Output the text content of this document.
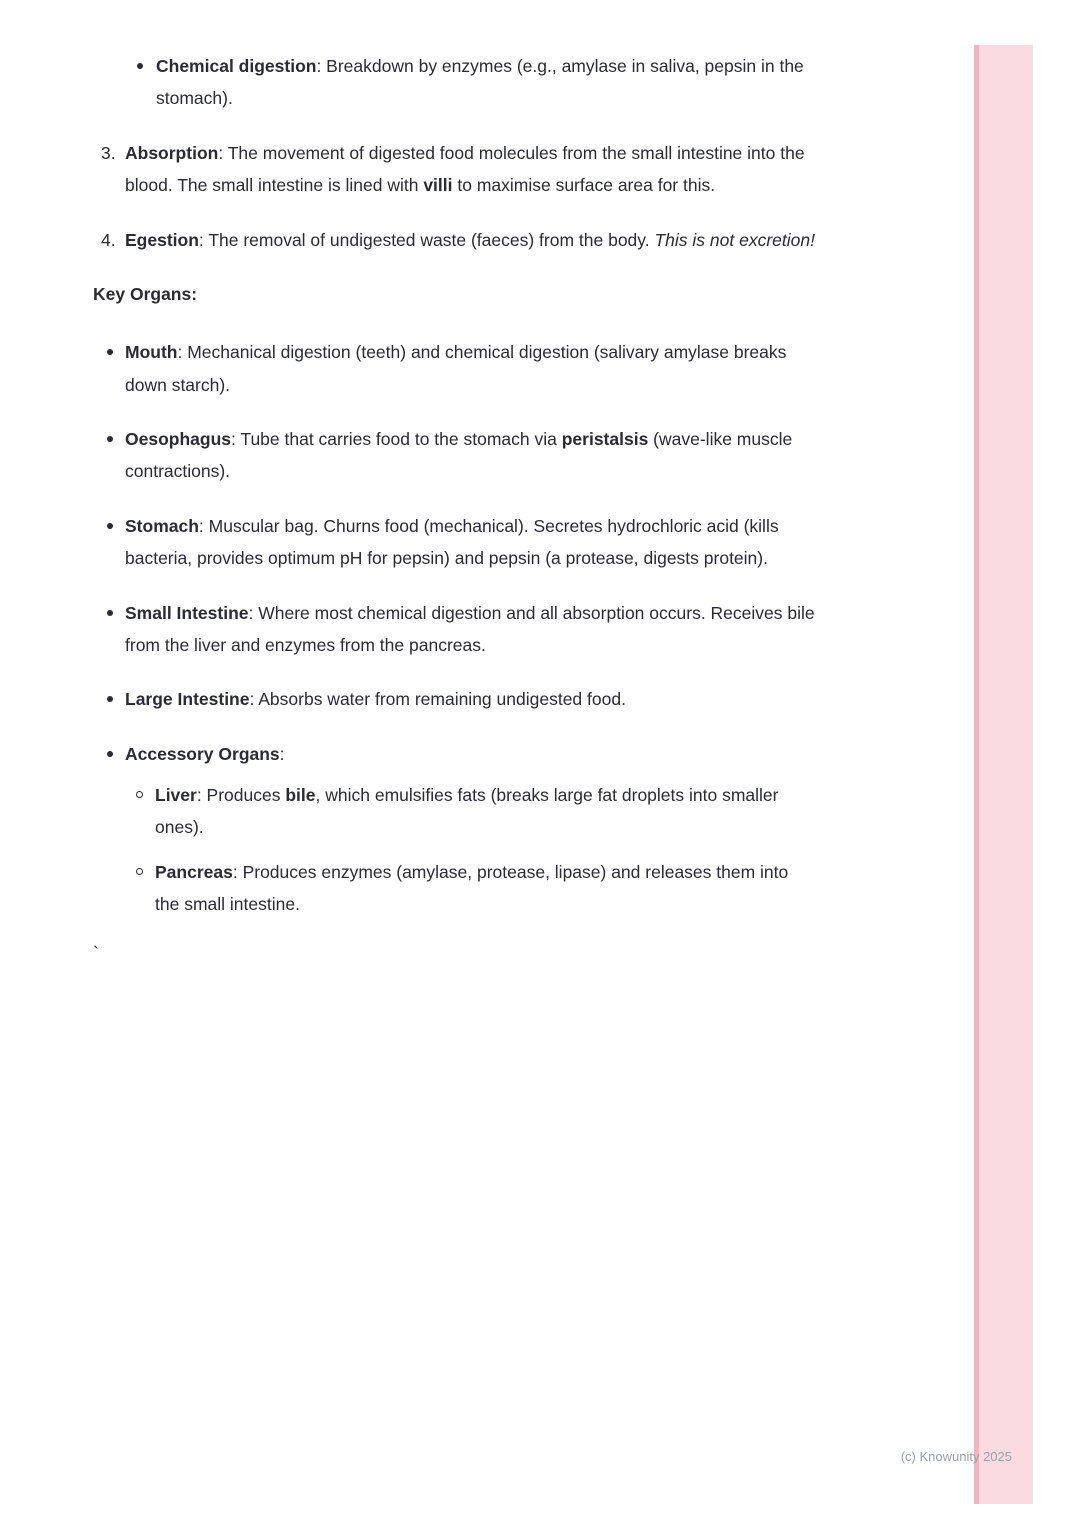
Chemical digestion: Breakdown by enzymes (e.g., amylase in saliva, pepsin in the stomach).
3. Absorption: The movement of digested food molecules from the small intestine into the blood. The small intestine is lined with villi to maximise surface area for this.
4. Egestion: The removal of undigested waste (faeces) from the body. This is not excretion!
Key Organs:
Mouth: Mechanical digestion (teeth) and chemical digestion (salivary amylase breaks down starch).
Oesophagus: Tube that carries food to the stomach via peristalsis (wave-like muscle contractions).
Stomach: Muscular bag. Churns food (mechanical). Secretes hydrochloric acid (kills bacteria, provides optimum pH for pepsin) and pepsin (a protease, digests protein).
Small Intestine: Where most chemical digestion and all absorption occurs. Receives bile from the liver and enzymes from the pancreas.
Large Intestine: Absorbs water from remaining undigested food.
Accessory Organs:
Liver: Produces bile, which emulsifies fats (breaks large fat droplets into smaller ones).
Pancreas: Produces enzymes (amylase, protease, lipase) and releases them into the small intestine.
`
(c) Knowunity 2025
